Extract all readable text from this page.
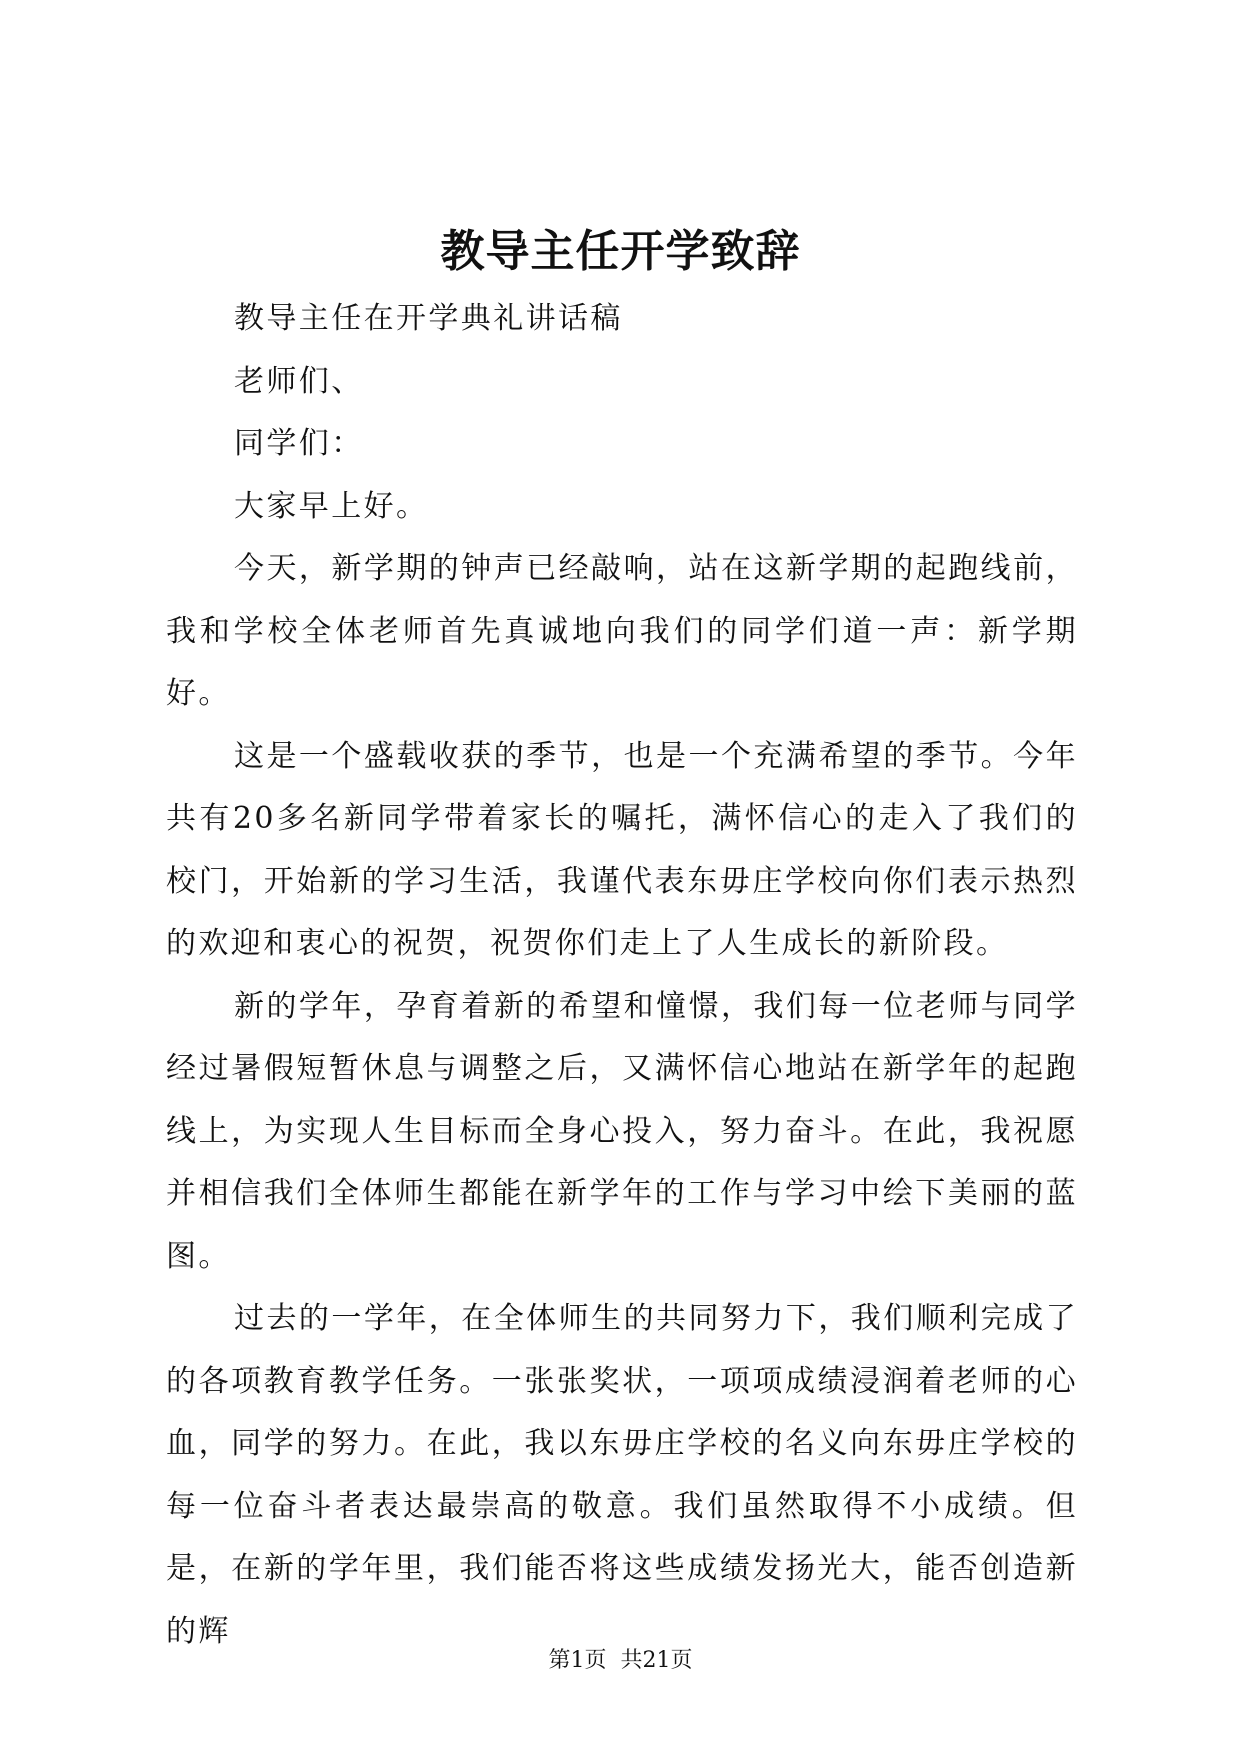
教导主任开学致辞

教导主任在开学典礼讲话稿

老师们、

同学们：

大家早上好。

今天，新学期的钟声已经敲响，站在这新学期的起跑线前，我和学校全体老师首先真诚地向我们的同学们道一声：新学期好。

这是一个盛载收获的季节，也是一个充满希望的季节。今年共有20多名新同学带着家长的嘱托，满怀信心的走入了我们的校门，开始新的学习生活，我谨代表东毋庄学校向你们表示热烈的欢迎和衷心的祝贺，祝贺你们走上了人生成长的新阶段。

新的学年，孕育着新的希望和憧憬，我们每一位老师与同学经过暑假短暂休息与调整之后，又满怀信心地站在新学年的起跑线上，为实现人生目标而全身心投入，努力奋斗。在此，我祝愿并相信我们全体师生都能在新学年的工作与学习中绘下美丽的蓝图。

过去的一学年，在全体师生的共同努力下，我们顺利完成了的各项教育教学任务。一张张奖状，一项项成绩浸润着老师的心血，同学的努力。在此，我以东毋庄学校的名义向东毋庄学校的每一位奋斗者表达最崇高的敬意。我们虽然取得不小成绩。但是，在新的学年里，我们能否将这些成绩发扬光大，能否创造新的辉

第1页 共21页
